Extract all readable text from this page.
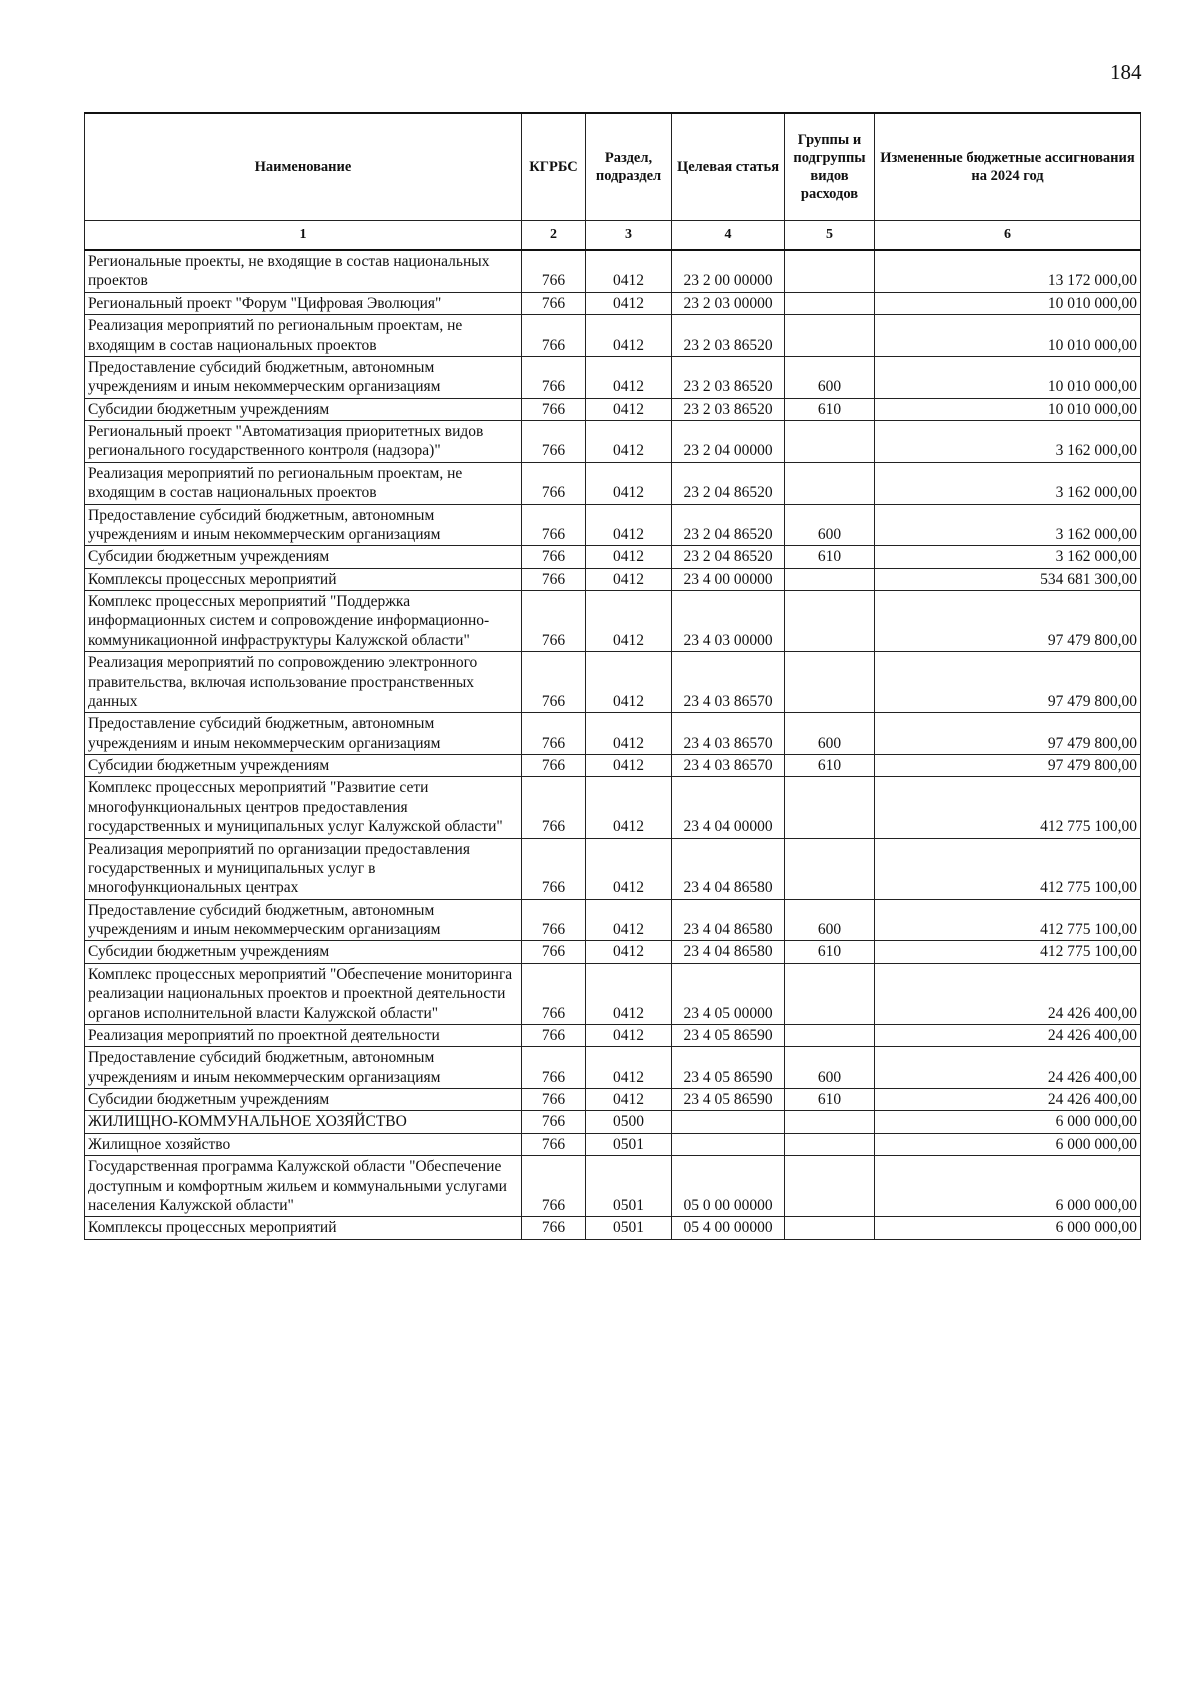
184
Наименование	КГРБС	Раздел, подраздел	Целевая статья	Группы и подгруппы видов расходов	Измененные бюджетные ассигнования на 2024 год
1	2	3	4	5	6
Региональные проекты, не входящие в состав национальных проектов	766	0412	23 2 00 00000		13 172 000,00
Региональный проект "Форум "Цифровая Эволюция"	766	0412	23 2 03 00000		10 010 000,00
Реализация мероприятий по региональным проектам, не входящим в состав национальных проектов	766	0412	23 2 03 86520		10 010 000,00
Предоставление субсидий бюджетным, автономным учреждениям и иным некоммерческим организациям	766	0412	23 2 03 86520	600	10 010 000,00
Субсидии бюджетным учреждениям	766	0412	23 2 03 86520	610	10 010 000,00
Региональный проект "Автоматизация приоритетных видов регионального государственного контроля (надзора)"	766	0412	23 2 04 00000		3 162 000,00
Реализация мероприятий по региональным проектам, не входящим в состав национальных проектов	766	0412	23 2 04 86520		3 162 000,00
Предоставление субсидий бюджетным, автономным учреждениям и иным некоммерческим организациям	766	0412	23 2 04 86520	600	3 162 000,00
Субсидии бюджетным учреждениям	766	0412	23 2 04 86520	610	3 162 000,00
Комплексы процессных мероприятий	766	0412	23 4 00 00000		534 681 300,00
Комплекс процессных мероприятий "Поддержка информационных систем и сопровождение информационно-коммуникационной инфраструктуры Калужской области"	766	0412	23 4 03 00000		97 479 800,00
Реализация мероприятий по сопровождению электронного правительства, включая использование пространственных данных	766	0412	23 4 03 86570		97 479 800,00
Предоставление субсидий бюджетным, автономным учреждениям и иным некоммерческим организациям	766	0412	23 4 03 86570	600	97 479 800,00
Субсидии бюджетным учреждениям	766	0412	23 4 03 86570	610	97 479 800,00
Комплекс процессных мероприятий "Развитие сети многофункциональных центров предоставления государственных и муниципальных услуг Калужской области"	766	0412	23 4 04 00000		412 775 100,00
Реализация мероприятий по организации предоставления государственных и муниципальных услуг в многофункциональных центрах	766	0412	23 4 04 86580		412 775 100,00
Предоставление субсидий бюджетным, автономным учреждениям и иным некоммерческим организациям	766	0412	23 4 04 86580	600	412 775 100,00
Субсидии бюджетным учреждениям	766	0412	23 4 04 86580	610	412 775 100,00
Комплекс процессных мероприятий "Обеспечение мониторинга реализации национальных проектов и проектной деятельности органов исполнительной власти Калужской области"	766	0412	23 4 05 00000		24 426 400,00
Реализация мероприятий по проектной деятельности	766	0412	23 4 05 86590		24 426 400,00
Предоставление субсидий бюджетным, автономным учреждениям и иным некоммерческим организациям	766	0412	23 4 05 86590	600	24 426 400,00
Субсидии бюджетным учреждениям	766	0412	23 4 05 86590	610	24 426 400,00
ЖИЛИЩНО-КОММУНАЛЬНОЕ ХОЗЯЙСТВО	766	0500			6 000 000,00
Жилищное хозяйство	766	0501			6 000 000,00
Государственная программа Калужской области "Обеспечение доступным и комфортным жильем и коммунальными услугами населения Калужской области"	766	0501	05 0 00 00000		6 000 000,00
Комплексы процессных мероприятий	766	0501	05 4 00 00000		6 000 000,00
